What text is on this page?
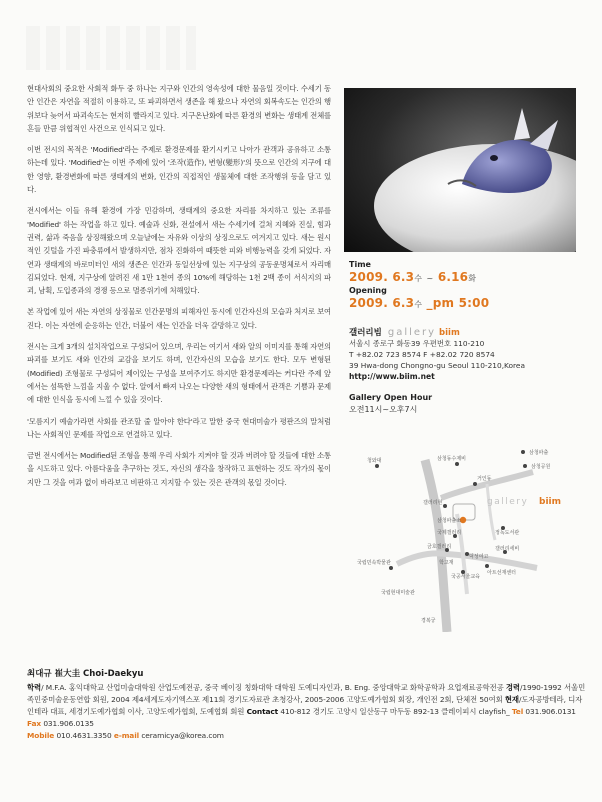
현대사회의 중요한 사회적 화두 중 하나는 지구와 인간의 영속성에 대한 물음일 것이다. 수세기 동안 인간은 자연을 적절히 이용하고, 또 파괴하면서 생존을 해 왔으나 자연의 회복속도는 인간의 행위보다 늦어서 파괴속도는 현저히 빨라지고 있다. 지구온난화에 따른 환경의 변화는 생태계 전체를 흔들 만큼 위협적인 사건으로 인식되고 있다.

이번 전시의 목적은 'Modified'라는 주제로 환경문제를 환기시키고 나아가 관객과 공유하고 소통하는데 있다. 'Modified'는 이번 주제에 있어 '조작(造作), 변형(變形)'의 뜻으로 인간의 지구에 대한 영향, 환경변화에 따른 생태계의 변화, 인간의 직접적인 생물체에 대한 조작행위 등을 담고 있다.

전시에서는 이들 유해 환경에 가장 민감하며, 생태계의 중요한 자리를 차지하고 있는 조류를 'Modified' 하는 작업을 하고 있다. 예술과 신화, 전설에서 새는 수세기에 걸쳐 지혜와 진실, 힘과 권력, 삶과 죽음을 상징해왔으며 오늘날에는 자유와 이상의 상징으로도 여겨지고 있다. 새는 원시적인 깃털을 가진 파충류에서 발생하지만, 점차 진화하여 때뜻한 피와 비행능력을 갖게 되었다. 자연과 생태계의 바로미터인 새의 생존은 인간과 동일선상에 있는 지구상의 공동운명체로서 자리매김되었다. 현재, 지구상에 알려진 새 1만 1천여 종의 10%에 해당하는 1천 2백 종이 서식지의 파괴, 남획, 도입종과의 경쟁 등으로 멸종위기에 처해있다.

본 작업에 있어 새는 자연의 상징물로 인간문명의 피해자인 동시에 인간자신의 모습과 처지로 보여진다. 이는 자연에 순응하는 인간, 더불어 새는 인간을 더욱 갈망하고 있다.

전시는 크게 3개의 설치작업으로 구성되어 있으며, 우리는 여기서 새와 알의 이미지를 통해 자연의 파괴를 보기도 새와 인간의 교감을 보기도 하며, 인간자신의 모습을 보기도 한다. 모두 변형된(Modified) 조형물로 구성되어 제이있는 구성을 보여주기도 하지만 환경문제라는 커다란 주제 앞에서는 섬뜩한 느낌을 지울 수 없다. 알에서 빠져 나오는 다양한 새의 형태에서 관객은 기쁨과 문제에 대한 인식을 동시에 느낄 수 있을 것이다.

'모름지기 예술가라면 사회를 관조할 줄 알아야 한다'라고 말한 중국 현대미술가 평판즈의 말처럼 나는 사회적인 문제를 작업으로 연결하고 있다.

금번 전시에서는 Modified된 조형을 통해 우리 사회가 지켜야 할 것과 버려야 할 것들에 대한 소통을 시도하고 있다. 아름다움을 추구하는 것도, 자신의 생각을 창작하고 표현하는 것도 작가의 몫이지만 그 것을 여과 없이 바라보고 비판하고 지지할 수 있는 것은 관객의 몫일 것이다.

Time
2009. 6.3수 ~ 6.16화
Opening
2009. 6.3수 _pm 5:00
갤러리빔 gallery biim
서울시 종로구 화동39 우편번호 110-210
T +82.02 723 8574 F +82.02 720 8574
39 Hwa-dong Chongno-gu Seoul 110-210,Korea
http://www.biim.net
Gallery Open Hour
오전11시~오후7시
청와대	삼청동수제비
삼청파출
삼청공원
거인동
갤러리현
삼청파출소
정독도서관
국제갤러리
금호갤러리	갤러리세비
국립민속박물관
덕성여고
학고재
아트선재센터
국공서울교육
국립현대미술관
경복궁
gallery biim
최대규 崔大圭 Choi-Daekyu

학력/ M.F.A. 홍익대학교 산업미술대학원 산업도예전공, 중국 베이징 칭화대학 대학원 도예디자인과, B. Eng. 중앙대학교 화학공학과 요업재료공학전공 경력/1990-1992 서울민족민중미술운동연합 회원, 2004 제4세계도자기엑스포 제11회 경기도자료관 초청강사, 2005-2006 고양도예가협회 회장, 개인전 2회, 단체전 50여회 현재/도자공방테라, 디자인테라 대표, 세경기도예가협회 이사, 고양도예가협회, 도예협회 회원 Contact 410-812 경기도 고양시 일산동구 마두동 892-13 클레이피시 clayfish_ Tel 031.906.0131 Fax 031.906.0135

Mobile 010.4631.3350 e-mail ceramicya@korea.com
